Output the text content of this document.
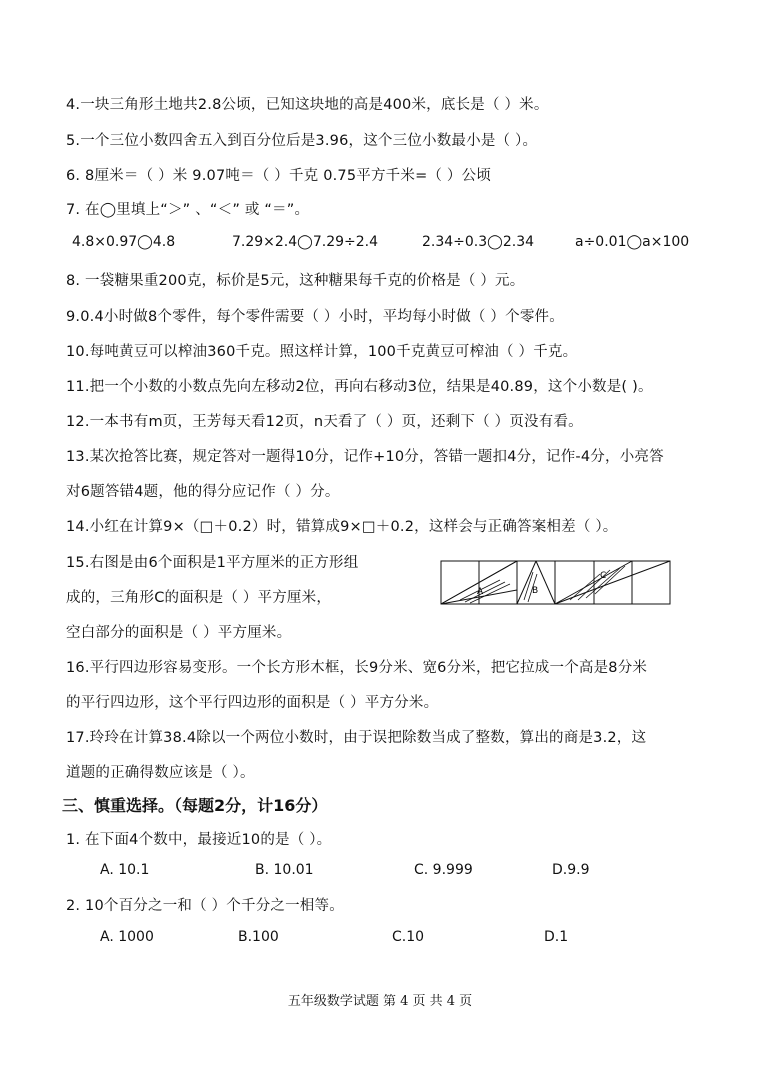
4.一块三角形土地共2.8公顷，已知这块地的高是400米，底长是（ ）米。
5.一个三位小数四舍五入到百分位后是3.96，这个三位小数最小是（ ）。
6. 8厘米＝（ ）米 9.07吨＝（ ）千克 0.75平方千米=（ ）公顷
7. 在◯里填上“＞” 、“＜” 或 “＝”。
4.8×0.97◯4.8	7.29×2.4◯7.29÷2.4	2.34÷0.3◯2.34	a÷0.01◯a×100
8. 一袋糖果重200克，标价是5元，这种糖果每千克的价格是（ ）元。
9.0.4小时做8个零件，每个零件需要（ ）小时，平均每小时做（ ）个零件。
10.每吨黄豆可以榨油360千克。照这样计算，100千克黄豆可榨油（ ）千克。
11.把一个小数的小数点先向左移动2位，再向右移动3位，结果是40.89，这个小数是( )。
12.一本书有m页，王芳每天看12页，n天看了（ ）页，还剩下（ ）页没有看。
13.某次抢答比赛，规定答对一题得10分，记作+10分，答错一题扣4分，记作-4分，小亮答
对6题答错4题，他的得分应记作（ ）分。
14.小红在计算9×（□＋0.2）时，错算成9×□＋0.2，这样会与正确答案相差（ ）。
15.右图是由6个面积是1平方厘米的正方形组
成的，三角形C的面积是（ ）平方厘米，
空白部分的面积是（ ）平方厘米。
A	B
C
16.平行四边形容易变形。一个长方形木框，长9分米、宽6分米，把它拉成一个高是8分米
的平行四边形，这个平行四边形的面积是（ ）平方分米。
17.玲玲在计算38.4除以一个两位小数时，由于误把除数当成了整数，算出的商是3.2，这
道题的正确得数应该是（ ）。
三、慎重选择。（每题2分，计16分）
1. 在下面4个数中，最接近10的是（ ）。
A. 10.1	B. 10.01	C. 9.999	D.9.9
2. 10个百分之一和（ ）个千分之一相等。
A. 1000	B.100	C.10	D.1
五年级数学试题 第 4 页 共 4 页
